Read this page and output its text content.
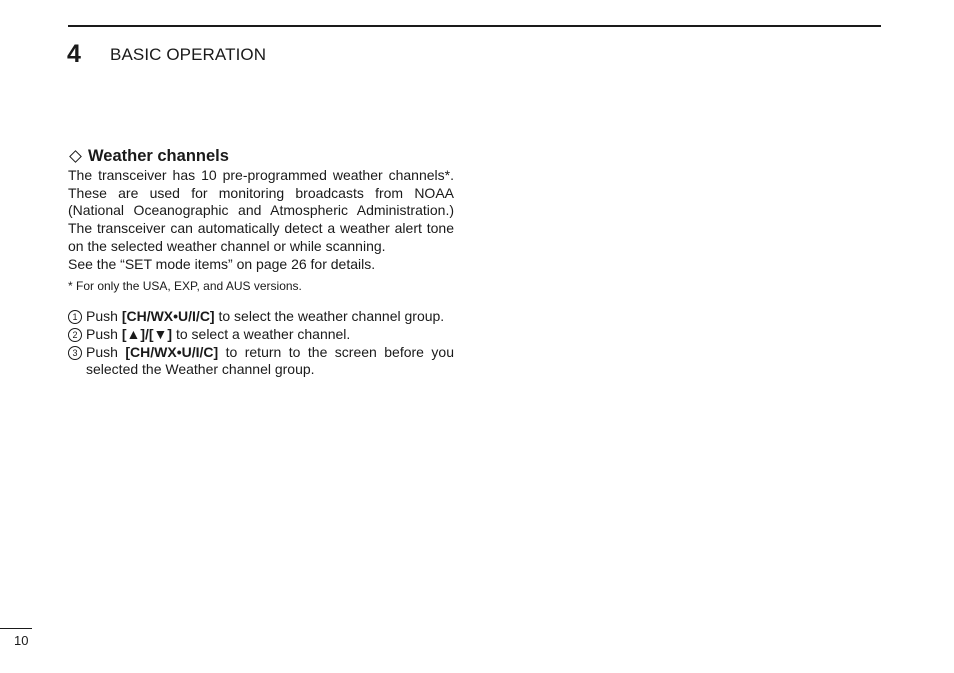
4 BASIC OPERATION
Weather channels

The transceiver has 10 pre-programmed weather channels*. These are used for monitoring broadcasts from NOAA (National Oceanographic and Atmospheric Administration.) The transceiver can automatically detect a weather alert tone on the selected weather channel or while scanning.

See the “SET mode items” on page 26 for details.

* For only the USA, EXP, and AUS versions.

1 Push [CH/WX•U/I/C] to select the weather channel group.
2 Push [▲]/[▼] to select a weather channel.
3 Push [CH/WX•U/I/C] to return to the screen before you selected the Weather channel group.
10
